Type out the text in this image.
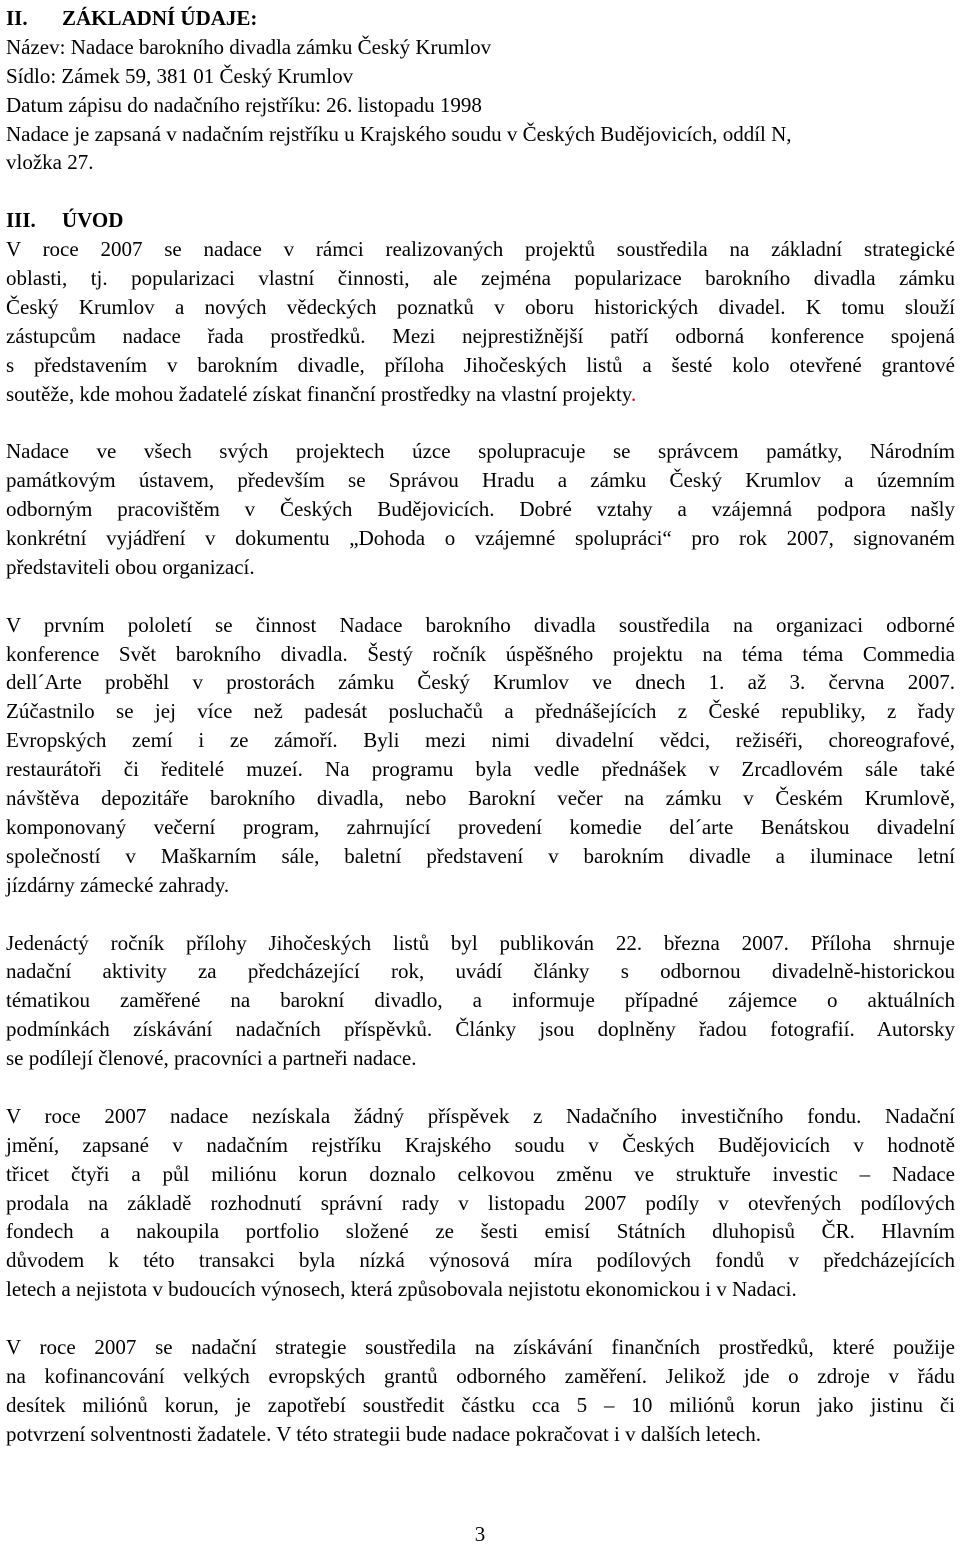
II. ZÁKLADNÍ ÚDAJE:
Název: Nadace barokního divadla zámku Český Krumlov
Sídlo: Zámek 59, 381 01 Český Krumlov
Datum zápisu do nadačního rejstříku: 26. listopadu 1998
Nadace je zapsaná v nadačním rejstříku u Krajského soudu v Českých Budějovicích, oddíl N,
vložka 27.
III. ÚVOD
V roce 2007 se nadace v rámci realizovaných projektů soustředila na základní strategické
oblasti, tj. popularizaci vlastní činnosti, ale zejména popularizace barokního divadla zámku
Český Krumlov a nových vědeckých poznatků v oboru historických divadel. K tomu slouží
zástupcům nadace řada prostředků. Mezi nejprestižnější patří odborná konference spojená
s představením v barokním divadle, příloha Jihočeských listů a šesté kolo otevřené grantové
soutěže, kde mohou žadatelé získat finanční prostředky na vlastní projekty.
Nadace ve všech svých projektech úzce spolupracuje se správcem památky, Národním
památkovým ústavem, především se Správou Hradu a zámku Český Krumlov a územním
odborným pracovištěm v Českých Budějovicích. Dobré vztahy a vzájemná podpora našly
konkrétní vyjádření v dokumentu „Dohoda o vzájemné spolupráci“ pro rok 2007, signovaném
představiteli obou organizací.
V prvním pololetí se činnost Nadace barokního divadla soustředila na organizaci odborné
konference Svět barokního divadla. Šestý ročník úspěšného projektu na téma téma Commedia
dell´Arte proběhl v prostorách zámku Český Krumlov ve dnech 1. až 3. června 2007.
Zúčastnilo se jej více než padesát posluchačů a přednášejících z České republiky, z řady
Evropských zemí i ze zámoří. Byli mezi nimi divadelní vědci, režiséři, choreografové,
restaurátoři či ředitelé muzeí. Na programu byla vedle přednášek v Zrcadlovém sále také
návštěva depozitáře barokního divadla, nebo Barokní večer na zámku v Českém Krumlově,
komponovaný večerní program, zahrnující provedení komedie del´arte Benátskou divadelní
společností v Maškarním sále, baletní představení v barokním divadle a iluminace letní
jízdárny zámecké zahrady.
Jedenáctý ročník přílohy Jihočeských listů byl publikován 22. března 2007. Příloha shrnuje
nadační aktivity za předcházející rok, uvádí články s odbornou divadelně-historickou
tématikou zaměřené na barokní divadlo, a informuje případné zájemce o aktuálních
podmínkách získávání nadačních příspěvků. Články jsou doplněny řadou fotografií. Autorsky
se podílejí členové, pracovníci a partneři nadace.
V roce 2007 nadace nezískala žádný příspěvek z Nadačního investičního fondu. Nadační
jmění, zapsané v nadačním rejstříku Krajského soudu v Českých Budějovicích v hodnotě
třicet čtyři a půl miliónu korun doznalo celkovou změnu ve struktuře investic – Nadace
prodala na základě rozhodnutí správní rady v listopadu 2007 podíly v otevřených podílových
fondech a nakoupila portfolio složené ze šesti emisí Státních dluhopisů ČR. Hlavním
důvodem k této transakci byla nízká výnosová míra podílových fondů v předcházejících
letech a nejistota v budoucích výnosech, která způsobovala nejistotu ekonomickou i v Nadaci.
V roce 2007 se nadační strategie soustředila na získávání finančních prostředků, které použije
na kofinancování velkých evropských grantů odborného zaměření. Jelikož jde o zdroje v řádu
desítek miliónů korun, je zapotřebí soustředit částku cca 5 – 10 miliónů korun jako jistinu či
potvrzení solventnosti žadatele. V této strategii bude nadace pokračovat i v dalších letech.
3
